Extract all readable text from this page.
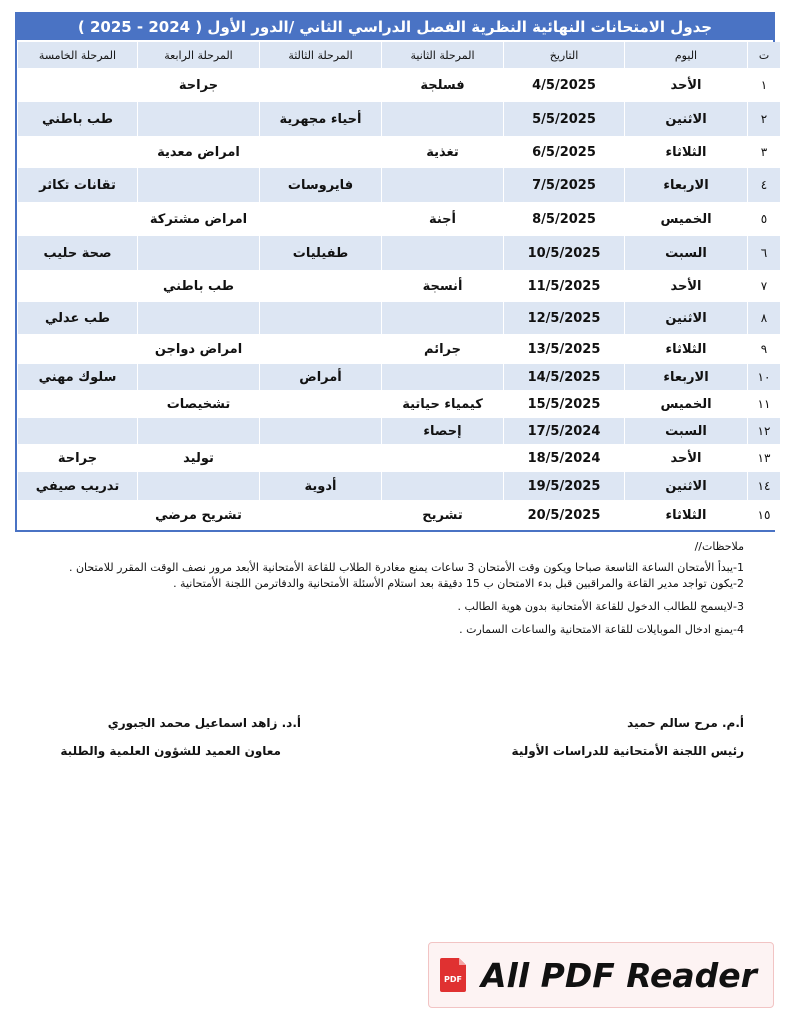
جدول الامتحانات النهائية النظرية الفصل الدراسي الثاني /الدور الأول ( 2024 - 2025 )
ت	اليوم	التاريخ	المرحلة الثانية	المرحلة الثالثة	المرحلة الرابعة	المرحلة الخامسة
١	الأحد	4/5/2025	فسلجة		جراحة	
٢	الاثنين	5/5/2025		أحياء مجهرية		طب باطني
٣	الثلاثاء	6/5/2025	تغذية		امراض معدية	
٤	الاربعاء	7/5/2025		فايروسات		تقانات تكاثر
٥	الخميس	8/5/2025	أجنة		امراض مشتركة	
٦	السبت	10/5/2025		طفيليات		صحة حليب
٧	الأحد	11/5/2025	أنسجة		طب باطني	
٨	الاثنين	12/5/2025				طب عدلي
٩	الثلاثاء	13/5/2025	جرائم		امراض دواجن	
١٠	الاربعاء	14/5/2025		أمراض		سلوك مهني
١١	الخميس	15/5/2025	كيمياء حياتية		تشخيصات	
١٢	السبت	17/5/2024	إحصاء			
١٣	الأحد	18/5/2024			توليد	جراحة
١٤	الاثنين	19/5/2025		أدوية		تدريب صيفي
١٥	الثلاثاء	20/5/2025	تشريح		تشريح مرضي	
ملاحظات//
1-يبدأ الأمتحان الساعة التاسعة صباحا ويكون وقت الأمتحان 3 ساعات يمنع مغادرة الطلاب للقاعة الأمتحانية الأبعد مرور نصف الوقت المقرر للامتحان .
2-يكون تواجد مدير القاعة والمراقبين قبل بدء الامتحان ب 15 دقيقة بعد استلام الأسئلة الأمتحانية والدفاترمن اللجنة الأمتحانية .
3-لايسمح للطالب الدخول للقاعة الأمتحانية بدون هوية الطالب .
4-يمنع ادخال الموبايلات للقاعة الامتحانية والساعات السمارت .
أ.م. مرح سالم حميد
رئيس اللجنة الأمتحانية للدراسات الأولية
أ.د. زاهد اسماعيل محمد الجبوري
معاون العميد للشؤون العلمية والطلبة
PDF All PDF Reader
